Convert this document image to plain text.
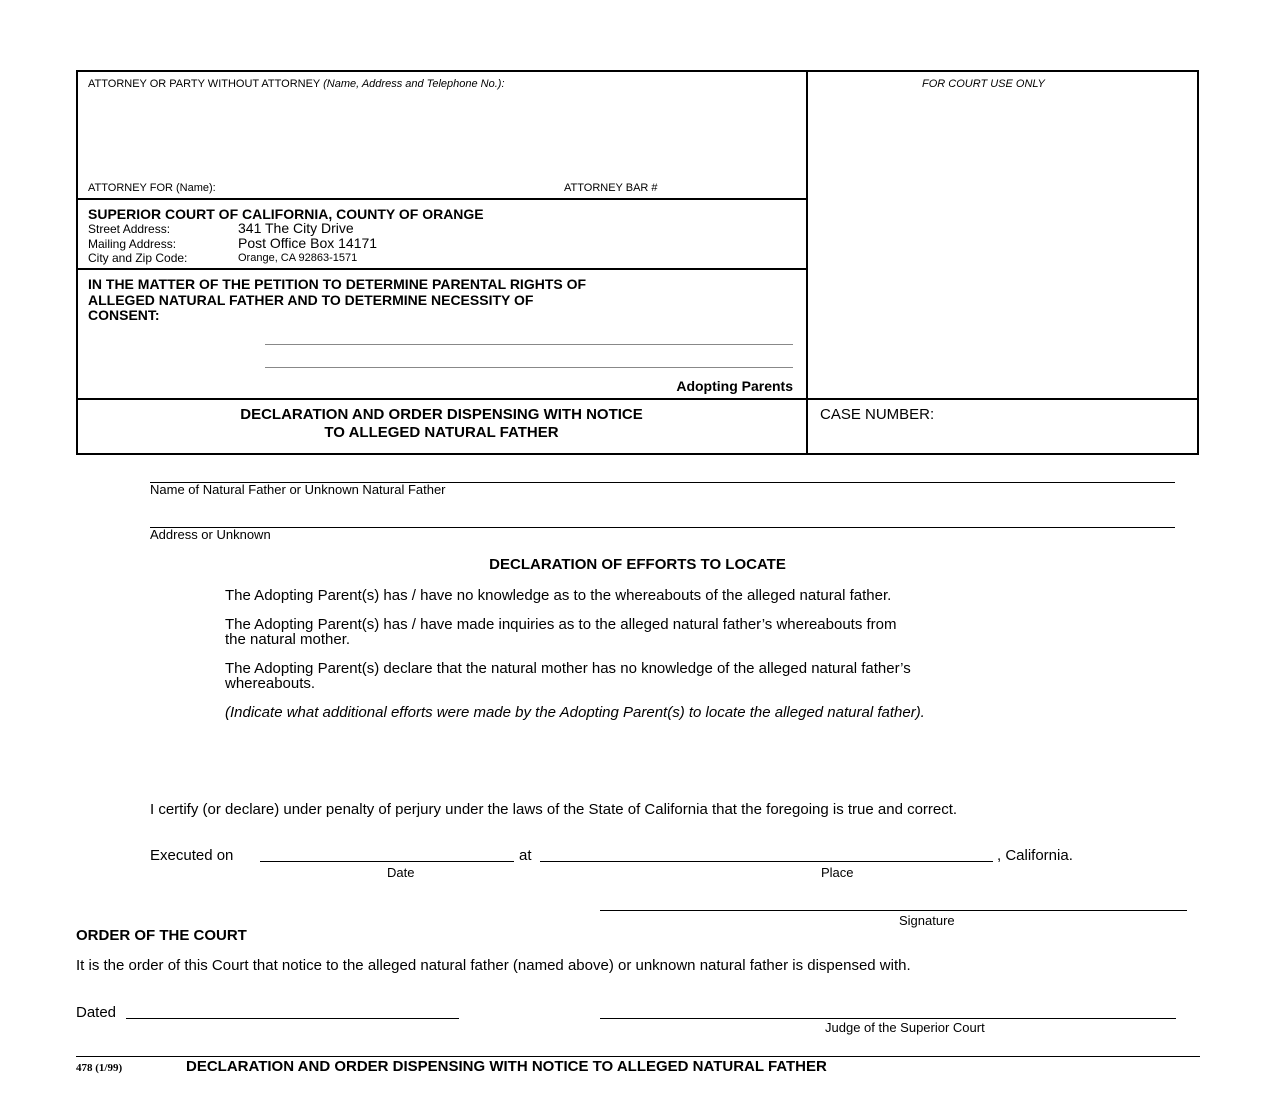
ATTORNEY OR PARTY WITHOUT ATTORNEY (Name, Address and Telephone No.):	FOR COURT USE ONLY
ATTORNEY FOR (Name):	ATTORNEY BAR #
SUPERIOR COURT OF CALIFORNIA, COUNTY OF ORANGE
Street Address:	341 The City Drive
Mailing Address:	Post Office Box 14171
City and Zip Code:	Orange, CA 92863-1571
IN THE MATTER OF THE PETITION TO DETERMINE PARENTAL RIGHTS OF
ALLEGED NATURAL FATHER AND TO DETERMINE NECESSITY OF
CONSENT:
Adopting Parents
DECLARATION AND ORDER DISPENSING WITH NOTICE
TO ALLEGED NATURAL FATHER
CASE NUMBER:
Name of Natural Father or Unknown Natural Father
Address or Unknown
DECLARATION OF EFFORTS TO LOCATE
The Adopting Parent(s) has / have no knowledge as to the whereabouts of the alleged natural father.
The Adopting Parent(s) has / have made inquiries as to the alleged natural father’s whereabouts from
the natural mother.
The Adopting Parent(s) declare that the natural mother has no knowledge of the alleged natural father’s
whereabouts.
(Indicate what additional efforts were made by the Adopting Parent(s) to locate the alleged natural father).
I certify (or declare) under penalty of perjury under the laws of the State of California that the foregoing is true and correct.
Executed on	at	, California.
Date	Place
Signature
ORDER OF THE COURT
It is the order of this Court that notice to the alleged natural father (named above) or unknown natural father is dispensed with.
Dated
Judge of the Superior Court
478 (1/99)	DECLARATION AND ORDER DISPENSING WITH NOTICE TO ALLEGED NATURAL FATHER
